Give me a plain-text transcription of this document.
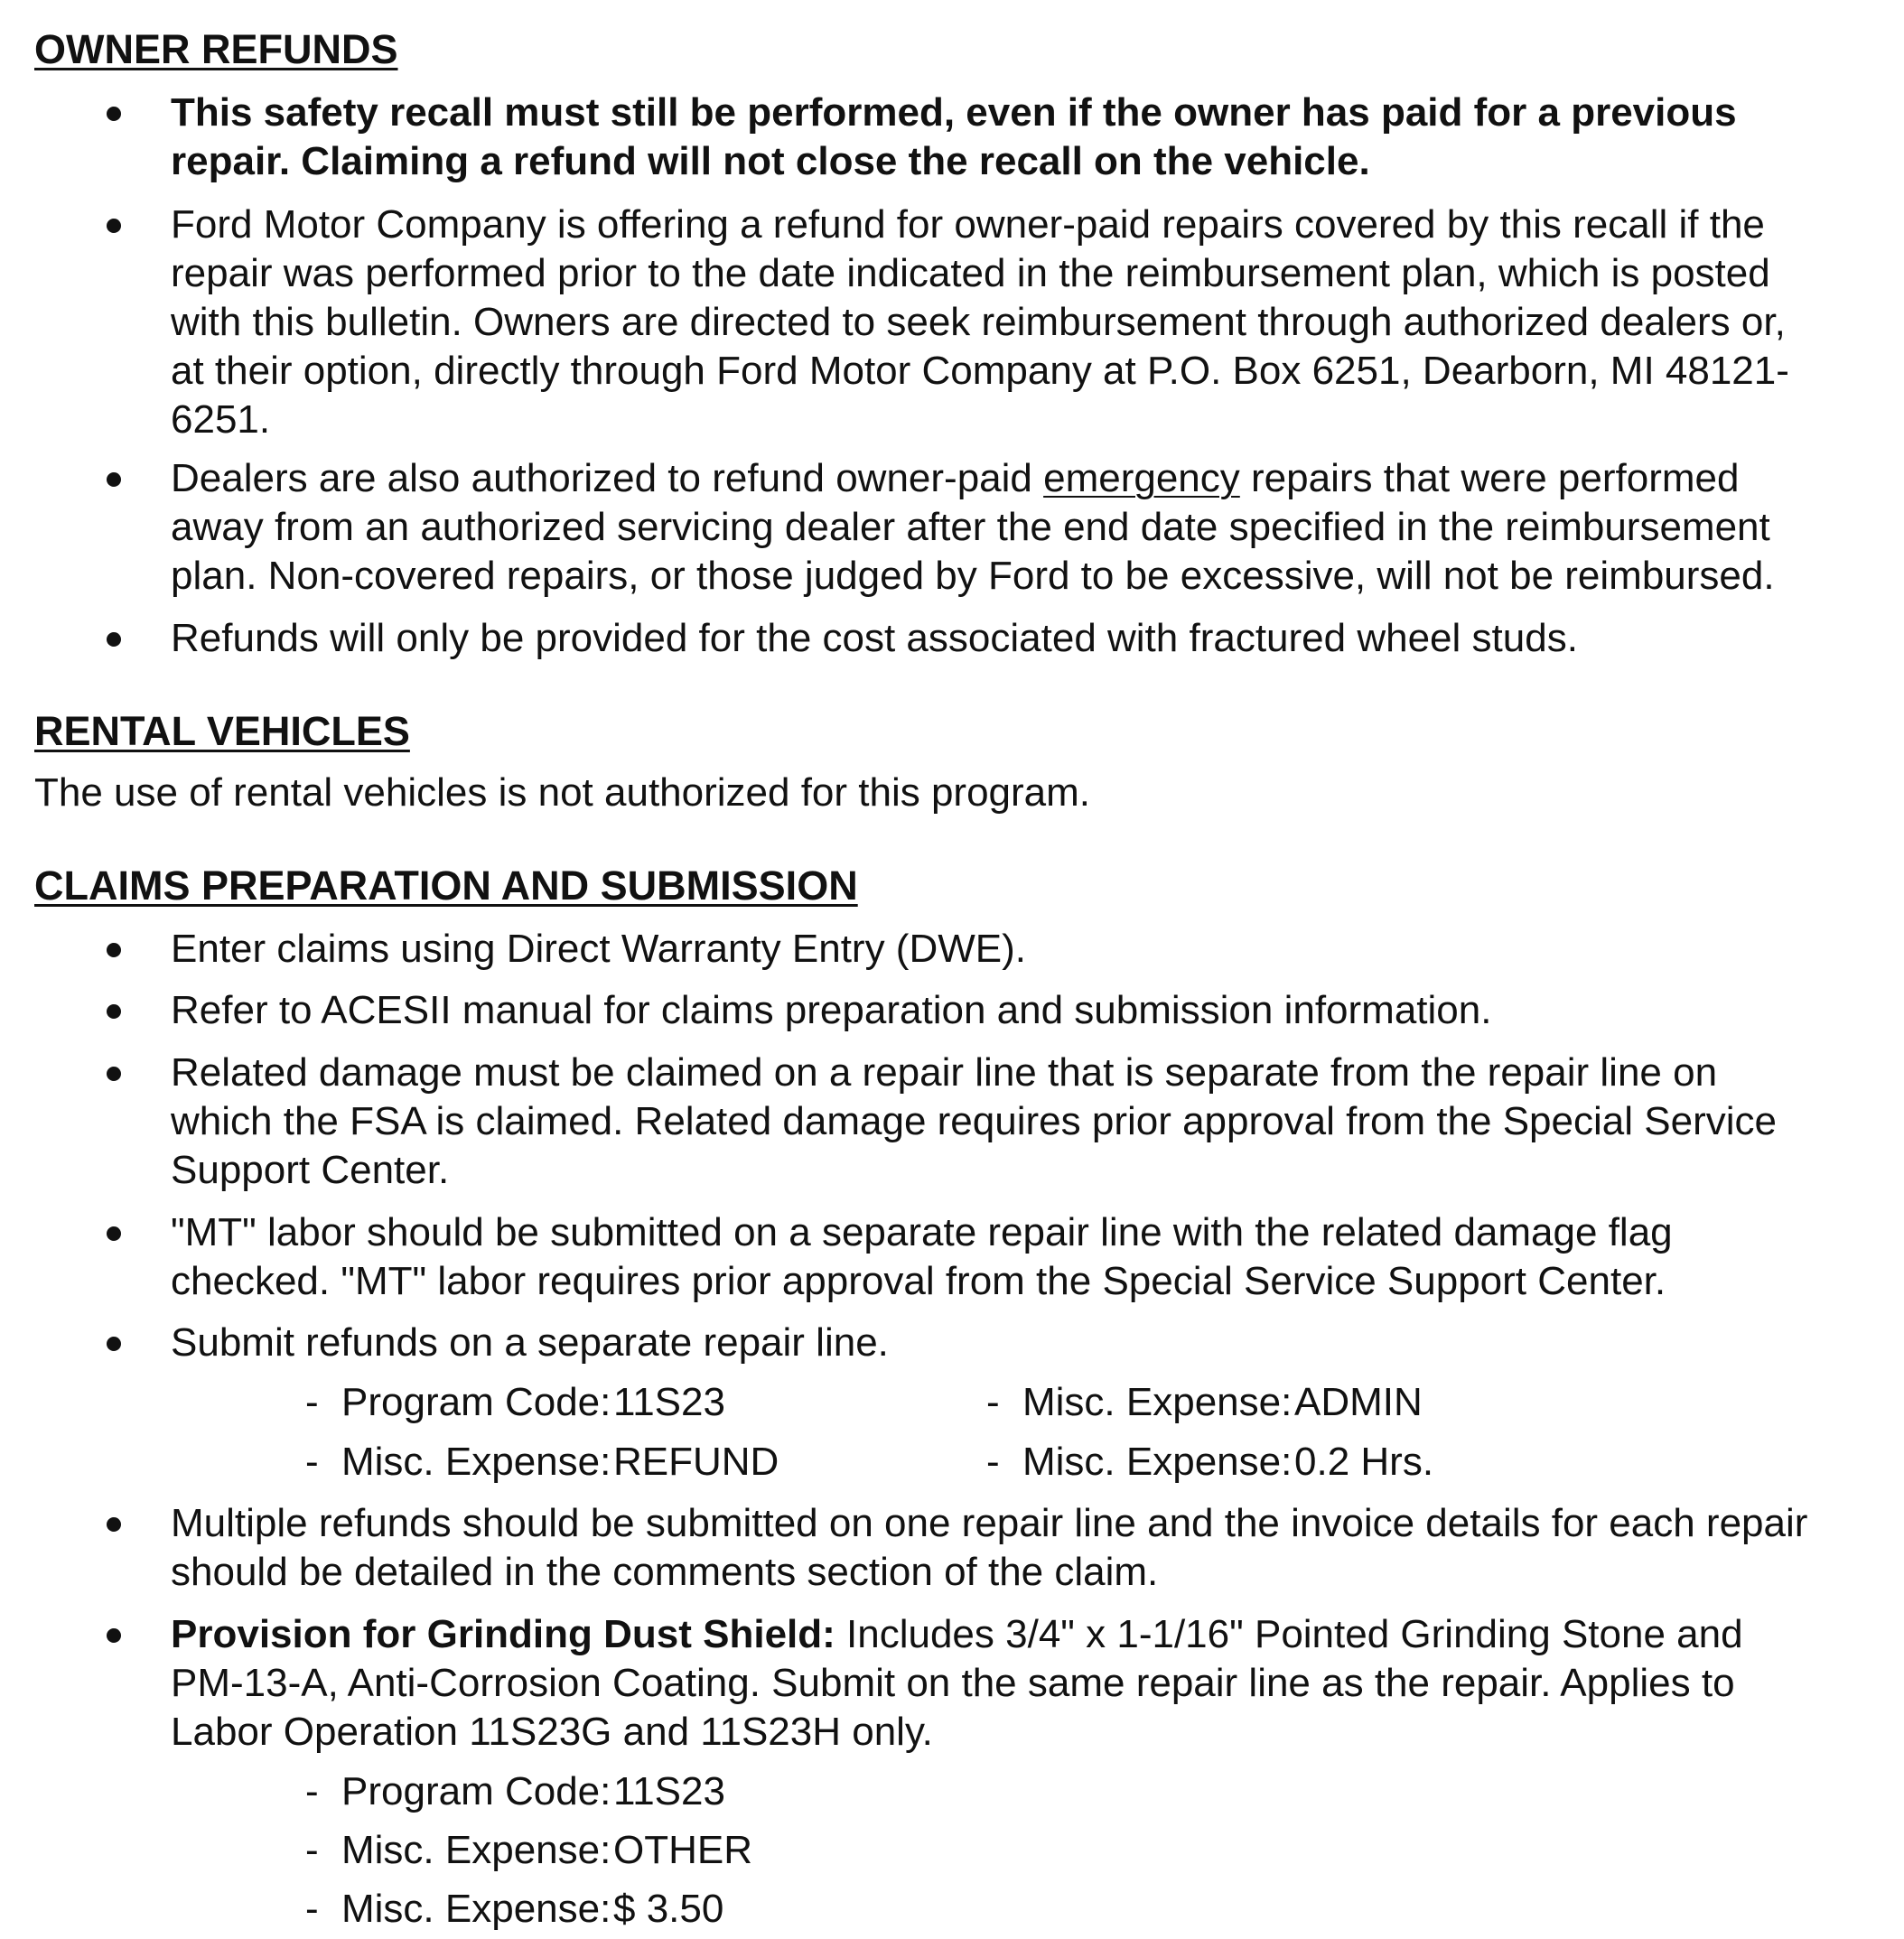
OWNER REFUNDS

This safety recall must still be performed, even if the owner has paid for a previous
repair. Claiming a refund will not close the recall on the vehicle.

Ford Motor Company is offering a refund for owner-paid repairs covered by this recall if the
repair was performed prior to the date indicated in the reimbursement plan, which is posted
with this bulletin. Owners are directed to seek reimbursement through authorized dealers or,
at their option, directly through Ford Motor Company at P.O. Box 6251, Dearborn, MI 48121-
6251.

Dealers are also authorized to refund owner-paid emergency repairs that were performed
away from an authorized servicing dealer after the end date specified in the reimbursement
plan. Non-covered repairs, or those judged by Ford to be excessive, will not be reimbursed.

Refunds will only be provided for the cost associated with fractured wheel studs.

RENTAL VEHICLES

The use of rental vehicles is not authorized for this program.

CLAIMS PREPARATION AND SUBMISSION

Enter claims using Direct Warranty Entry (DWE).

Refer to ACESII manual for claims preparation and submission information.

Related damage must be claimed on a repair line that is separate from the repair line on
which the FSA is claimed. Related damage requires prior approval from the Special Service
Support Center.

"MT" labor should be submitted on a separate repair line with the related damage flag
checked. "MT" labor requires prior approval from the Special Service Support Center.

Submit refunds on a separate repair line.

- Program Code: 11S23	- Misc. Expense: ADMIN
- Misc. Expense: REFUND	- Misc. Expense: 0.2 Hrs.

Multiple refunds should be submitted on one repair line and the invoice details for each repair
should be detailed in the comments section of the claim.

Provision for Grinding Dust Shield: Includes 3/4" x 1-1/16" Pointed Grinding Stone and
PM-13-A, Anti-Corrosion Coating. Submit on the same repair line as the repair. Applies to
Labor Operation 11S23G and 11S23H only.

- Program Code: 11S23
- Misc. Expense: OTHER
- Misc. Expense: $ 3.50
